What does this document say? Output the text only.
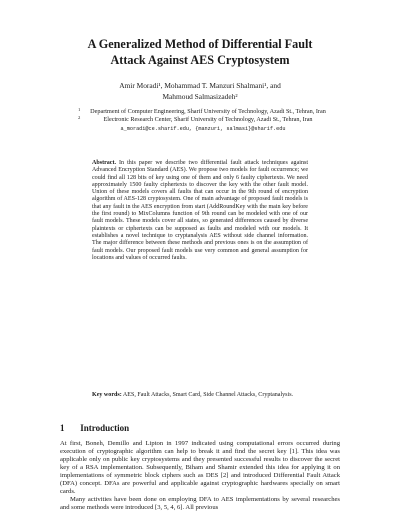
A Generalized Method of Differential Fault
Attack Against AES Cryptosystem
Amir Moradi¹, Mohammad T. Manzuri Shalmani¹, and
Mahmoud Salmasizadeh²
1 Department of Computer Engineering, Sharif University of Technology, Azadi St., Tehran, Iran
2	Electronic Research Center, Sharif University of Technology, Azadi St., Tehran, Iran
a_moradi@ce.sharif.edu, {manzuri, salmasi}@sharif.edu
Abstract. In this paper we describe two differential fault attack techniques against Advanced Encryption Standard (AES). We propose two models for fault occurrence; we could find all 128 bits of key using one of them and only 6 faulty ciphertexts. We need approximately 1500 faulty ciphertexts to discover the key with the other fault model. Union of these models covers all faults that can occur in the 9th round of encryption algorithm of AES-128 cryptosystem. One of main advantage of proposed fault models is that any fault in the AES encryption from start (AddRoundKey with the main key before the first round) to MixColumns function of 9th round can be modeled with one of our fault models. These models cover all states, so generated differences caused by diverse plaintexts or ciphertexts can be supposed as faults and modeled with our models. It establishes a novel technique to cryptanalysis AES without side channel information. The major difference between these methods and previous ones is on the assumption of fault models. Our proposed fault models use very common and general assumption for locations and values of occurred faults.
Key words: AES, Fault Attacks, Smart Card, Side Channel Attacks, Cryptanalysis.
1 Introduction

At first, Boneh, Demillo and Lipton in 1997 indicated using computational errors occurred during execution of cryptographic algorithm can help to break it and find the secret key [1]. This idea was applicable only on public key cryptosystems and they presented successful results to discover the secret key of a RSA implementation. Subsequently, Biham and Shamir extended this idea for applying it on implementations of symmetric block ciphers such as DES [2] and introduced Differential Fault Attack (DFA) concept. DFAs are powerful and applicable against cryptographic hardwares specially on smart cards.

Many activities have been done on employing DFA to AES implementations by several researches and some methods were introduced [3, 5, 4, 6]. All previous
